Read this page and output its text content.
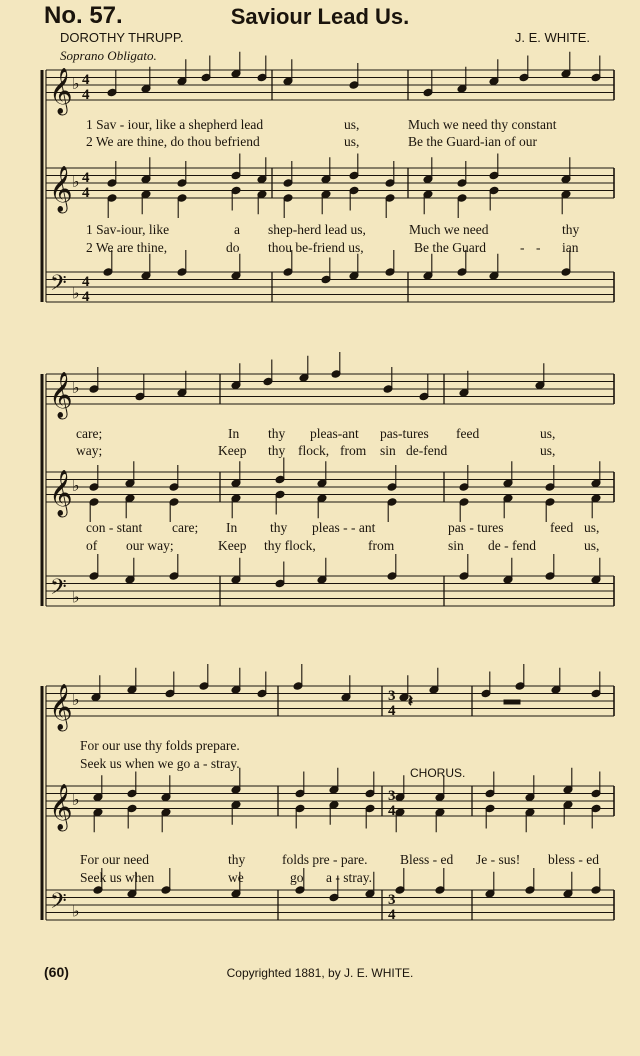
No. 57.	Saviour Lead Us.
DOROTHY THRUPP.	J. E. WHITE.
Soprano Obligato.
𝄽
𝄞 ♭
𝄞 ♭
𝄢 ♭
𝄞 ♭
𝄞 ♭
𝄢 ♭
𝄞 ♭
𝄞 ♭
𝄢 ♭
4
4
4
4
4
4
3
4
3
4
3
4
1 Sav - iour, like a shepherd lead	us,	Much we need thy constant
2 We are thine, do thou befriend	us,	Be the Guard-ian of our
1 Sav-iour, like	a shep-herd lead us,	Much we need	thy
2 We are thine,	do thou be-friend us,	Be the Guard	- - ian
care;	In thy pleas-ant pas-tures feed	us,
way;	Keep thy flock, from sin de-fend	us,
con - stant care; In thy pleas - - ant	pas - tures	feed us,
of our way;	Keep thy flock,	from	sin de - fend	us,
For our use thy folds prepare.
Seek us when we go a - stray.
CHORUS.
For our need	thy	folds pre - pare. Bless - ed Je - sus! bless - ed
Seek us when	we	go a - stray.
(60)	Copyrighted 1881, by J. E. WHITE.
